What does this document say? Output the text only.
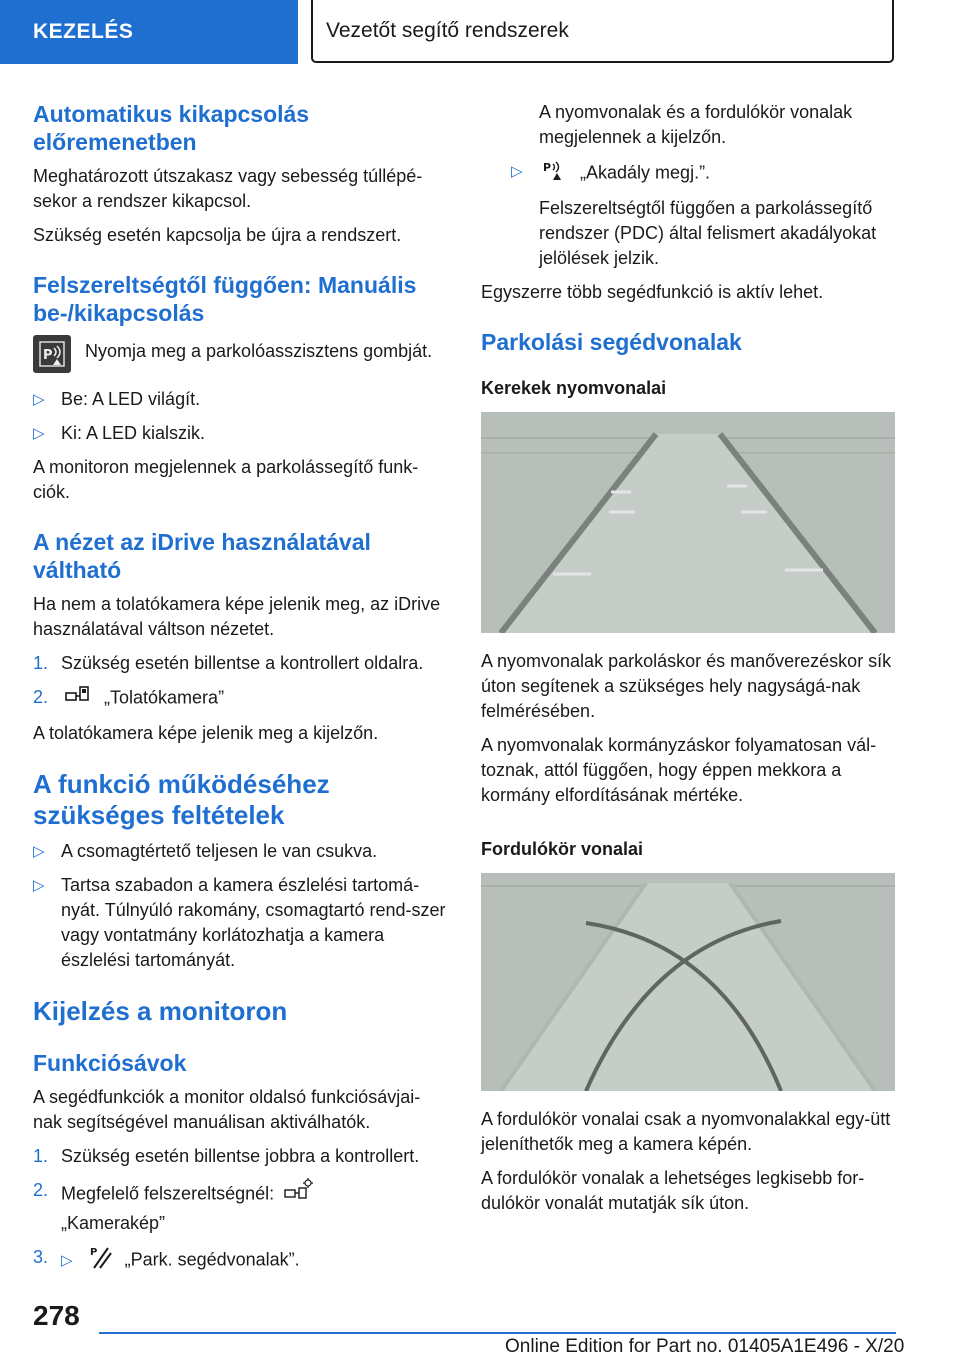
KEZELÉS	Vezetőt segítő rendszerek
Automatikus kikapcsolás előremenetben

Meghatározott útszakasz vagy sebesség túllépé-sekor a rendszer kikapcsol.

Szükség esetén kapcsolja be újra a rendszert.

Felszereltségtől függően: Manuális be-/kikapcsolás
P Nyomja meg a parkolóasszisztens gombját.
▷ Be: A LED világít.
▷ Ki: A LED kialszik.

A monitoron megjelennek a parkolássegítő funk-ciók.

A nézet az iDrive használatával váltható

Ha nem a tolatókamera képe jelenik meg, az iDrive használatával váltson nézetet.

1. Szükség esetén billentse a kontrollert oldalra.
2.	„Tolatókamera”

A tolatókamera képe jelenik meg a kijelzőn.

A funkció működéséhez szükséges feltételek
▷ A csomagtértető teljesen le van csukva.
▷ Tartsa szabadon a kamera észlelési tartomá-nyát. Túlnyúló rakomány, csomagtartó rend-szer vagy vontatmány korlátozhatja a kamera észlelési tartományát.
Kijelzés a monitoron
Funkciósávok

A segédfunkciók a monitor oldalsó funkciósávjai-nak segítségével manuálisan aktiválhatók.

1. Szükség esetén billentse jobbra a kontrollert.
2. Megfelelő felszereltségnél:
„Kamerakép”
3. ▷ P „Park. segédvonalak”.

A nyomvonalak és a fordulókör vonalak megjelennek a kijelzőn.

▷	P „Akadály megj.”.
Felszereltségtől függően a parkolássegítő rendszer (PDC) által felismert akadályokat jelölések jelzik.

Egyszerre több segédfunkció is aktív lehet.

Parkolási segédvonalak
Kerekek nyomvonalai

A nyomvonalak parkoláskor és manőverezéskor sík úton segítenek a szükséges hely nagyságá-nak felmérésében.

A nyomvonalak kormányzáskor folyamatosan vál-toznak, attól függően, hogy éppen mekkora a kormány elfordításának mértéke.

Fordulókör vonalai

A fordulókör vonalai csak a nyomvonalakkal egy-ütt jeleníthetők meg a kamera képén.

A fordulókör vonalak a lehetséges legkisebb for-dulókör vonalát mutatják sík úton.

278
Online Edition for Part no. 01405A1E496 - X/20
